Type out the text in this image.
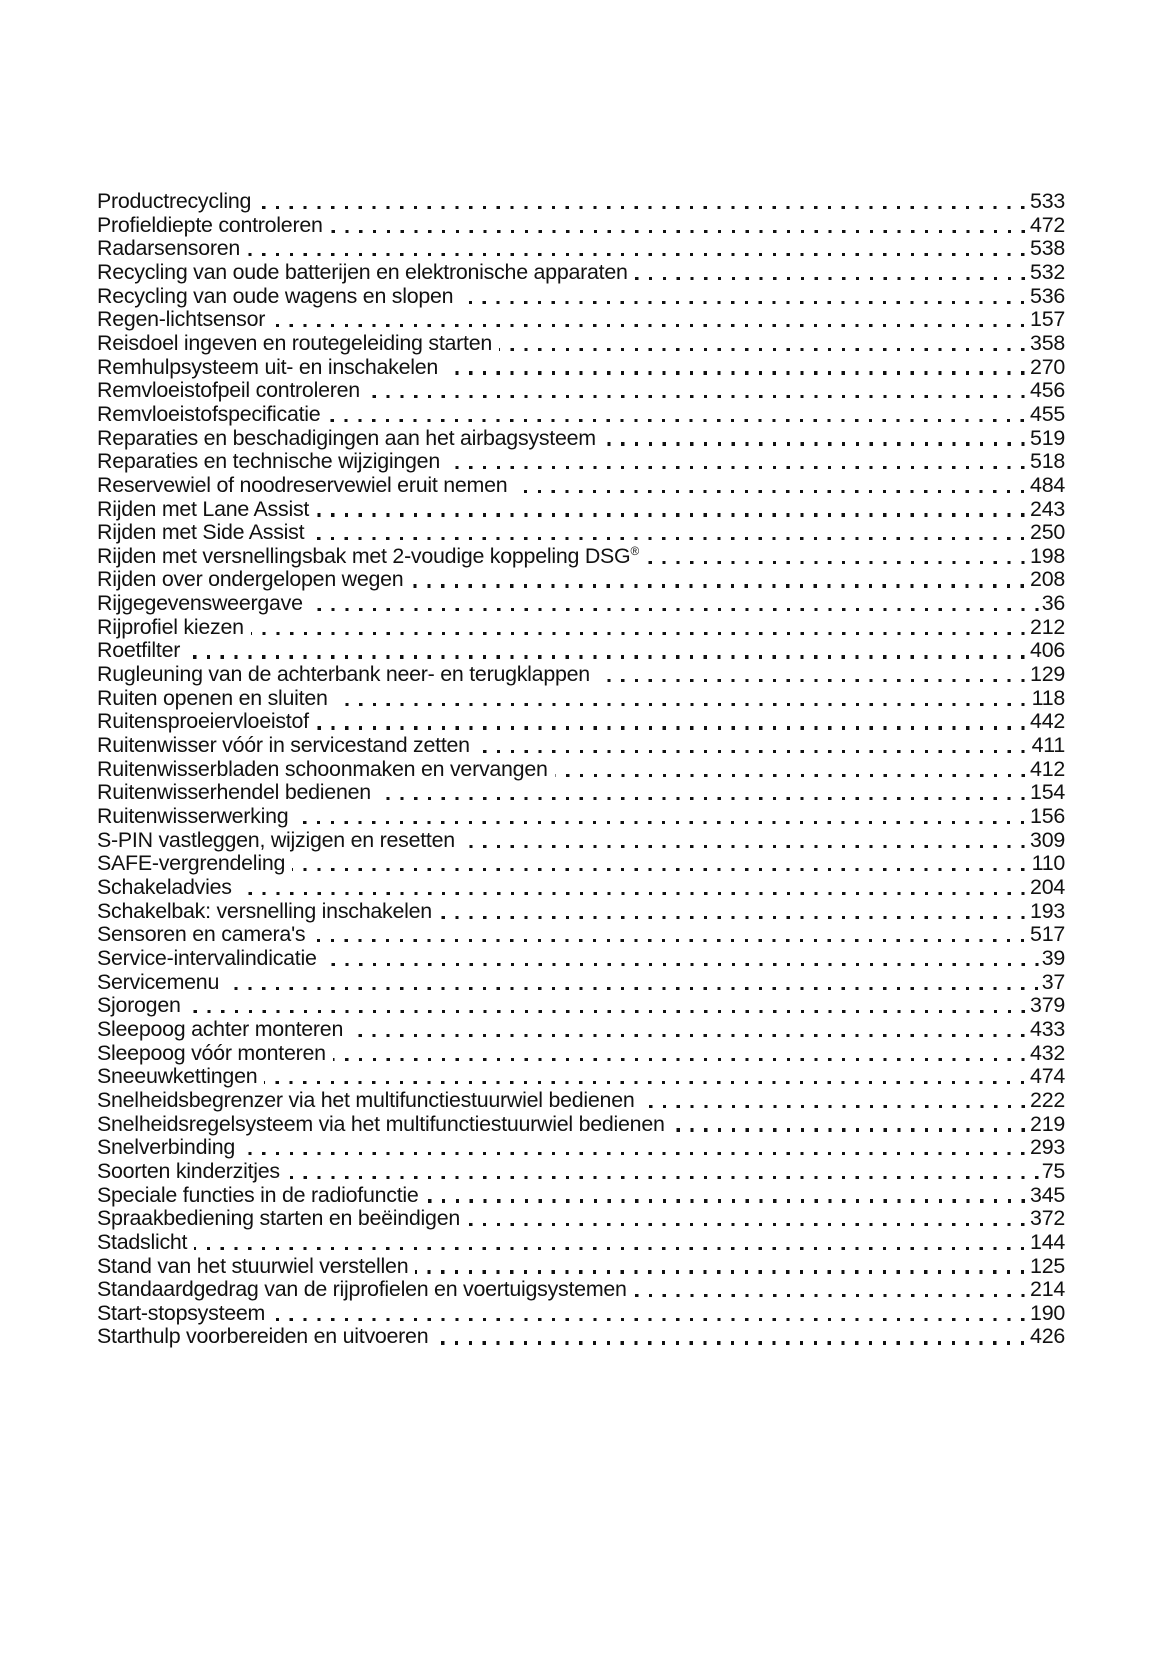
Productrecycling	533
Profieldiepte controleren	472
Radarsensoren	538
Recycling van oude batterijen en elektronische apparaten	532
Recycling van oude wagens en slopen	536
Regen-lichtsensor	157
Reisdoel ingeven en routegeleiding starten	358
Remhulpsysteem uit- en inschakelen	270
Remvloeistofpeil controleren	456
Remvloeistofspecificatie	455
Reparaties en beschadigingen aan het airbagsysteem	519
Reparaties en technische wijzigingen	518
Reservewiel of noodreservewiel eruit nemen	484
Rijden met Lane Assist	243
Rijden met Side Assist	250
Rijden met versnellingsbak met 2-voudige koppeling DSG®	198
Rijden over ondergelopen wegen	208
Rijgegevensweergave	36
Rijprofiel kiezen	212
Roetfilter	406
Rugleuning van de achterbank neer- en terugklappen	129
Ruiten openen en sluiten	118
Ruitensproeiervloeistof	442
Ruitenwisser vóór in servicestand zetten	411
Ruitenwisserbladen schoonmaken en vervangen	412
Ruitenwisserhendel bedienen	154
Ruitenwisserwerking	156
S-PIN vastleggen, wijzigen en resetten	309
SAFE-vergrendeling	110
Schakeladvies	204
Schakelbak: versnelling inschakelen	193
Sensoren en camera's	517
Service-intervalindicatie	39
Servicemenu	37
Sjorogen	379
Sleepoog achter monteren	433
Sleepoog vóór monteren	432
Sneeuwkettingen	474
Snelheidsbegrenzer via het multifunctiestuurwiel bedienen	222
Snelheidsregelsysteem via het multifunctiestuurwiel bedienen	219
Snelverbinding	293
Soorten kinderzitjes	75
Speciale functies in de radiofunctie	345
Spraakbediening starten en beëindigen	372
Stadslicht	144
Stand van het stuurwiel verstellen	125
Standaardgedrag van de rijprofielen en voertuigsystemen	214
Start-stopsysteem	190
Starthulp voorbereiden en uitvoeren	426
